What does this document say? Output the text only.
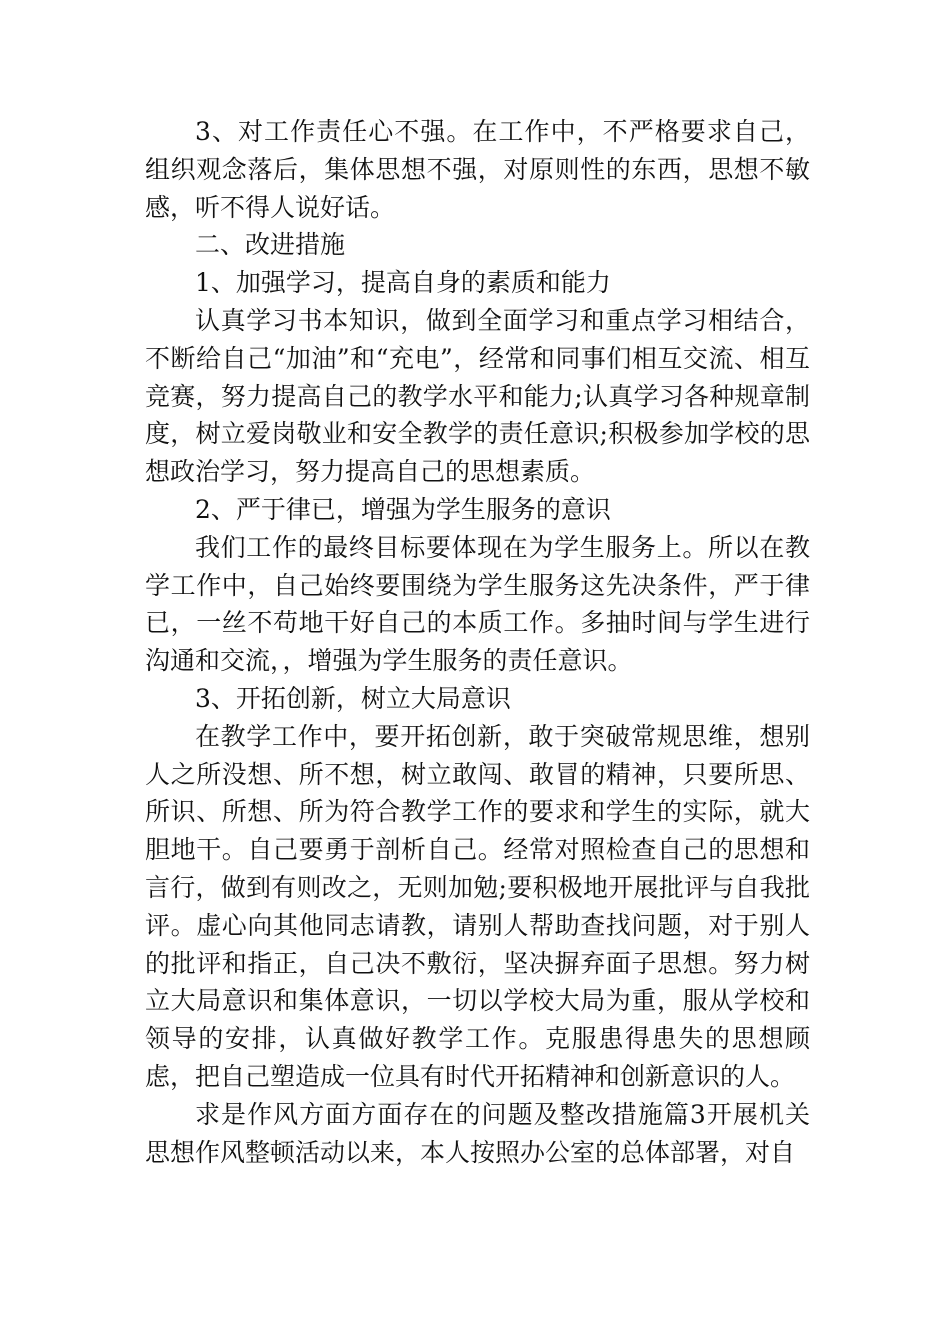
3、对工作责任心不强。在工作中，不严格要求自己，组织观念落后，集体思想不强，对原则性的东西，思想不敏感，听不得人说好话。

二、改进措施

1、加强学习，提高自身的素质和能力

认真学习书本知识，做到全面学习和重点学习相结合，不断给自己“加油”和“充电”，经常和同事们相互交流、相互竞赛，努力提高自己的教学水平和能力;认真学习各种规章制度，树立爱岗敬业和安全教学的责任意识;积极参加学校的思想政治学习，努力提高自己的思想素质。

2、严于律已，增强为学生服务的意识

我们工作的最终目标要体现在为学生服务上。所以在教学工作中，自己始终要围绕为学生服务这先决条件，严于律已，一丝不苟地干好自己的本质工作。多抽时间与学生进行沟通和交流，，增强为学生服务的责任意识。

3、开拓创新，树立大局意识

在教学工作中，要开拓创新，敢于突破常规思维，想别人之所没想、所不想，树立敢闯、敢冒的精神，只要所思、所识、所想、所为符合教学工作的要求和学生的实际，就大胆地干。自己要勇于剖析自己。经常对照检查自己的思想和言行，做到有则改之，无则加勉;要积极地开展批评与自我批评。虚心向其他同志请教，请别人帮助查找问题，对于别人的批评和指正，自己决不敷衍，坚决摒弃面子思想。努力树立大局意识和集体意识，一切以学校大局为重，服从学校和领导的安排，认真做好教学工作。克服患得患失的思想顾虑，把自己塑造成一位具有时代开拓精神和创新意识的人。

求是作风方面方面存在的问题及整改措施篇3开展机关思想作风整顿活动以来，本人按照办公室的总体部署，对自
